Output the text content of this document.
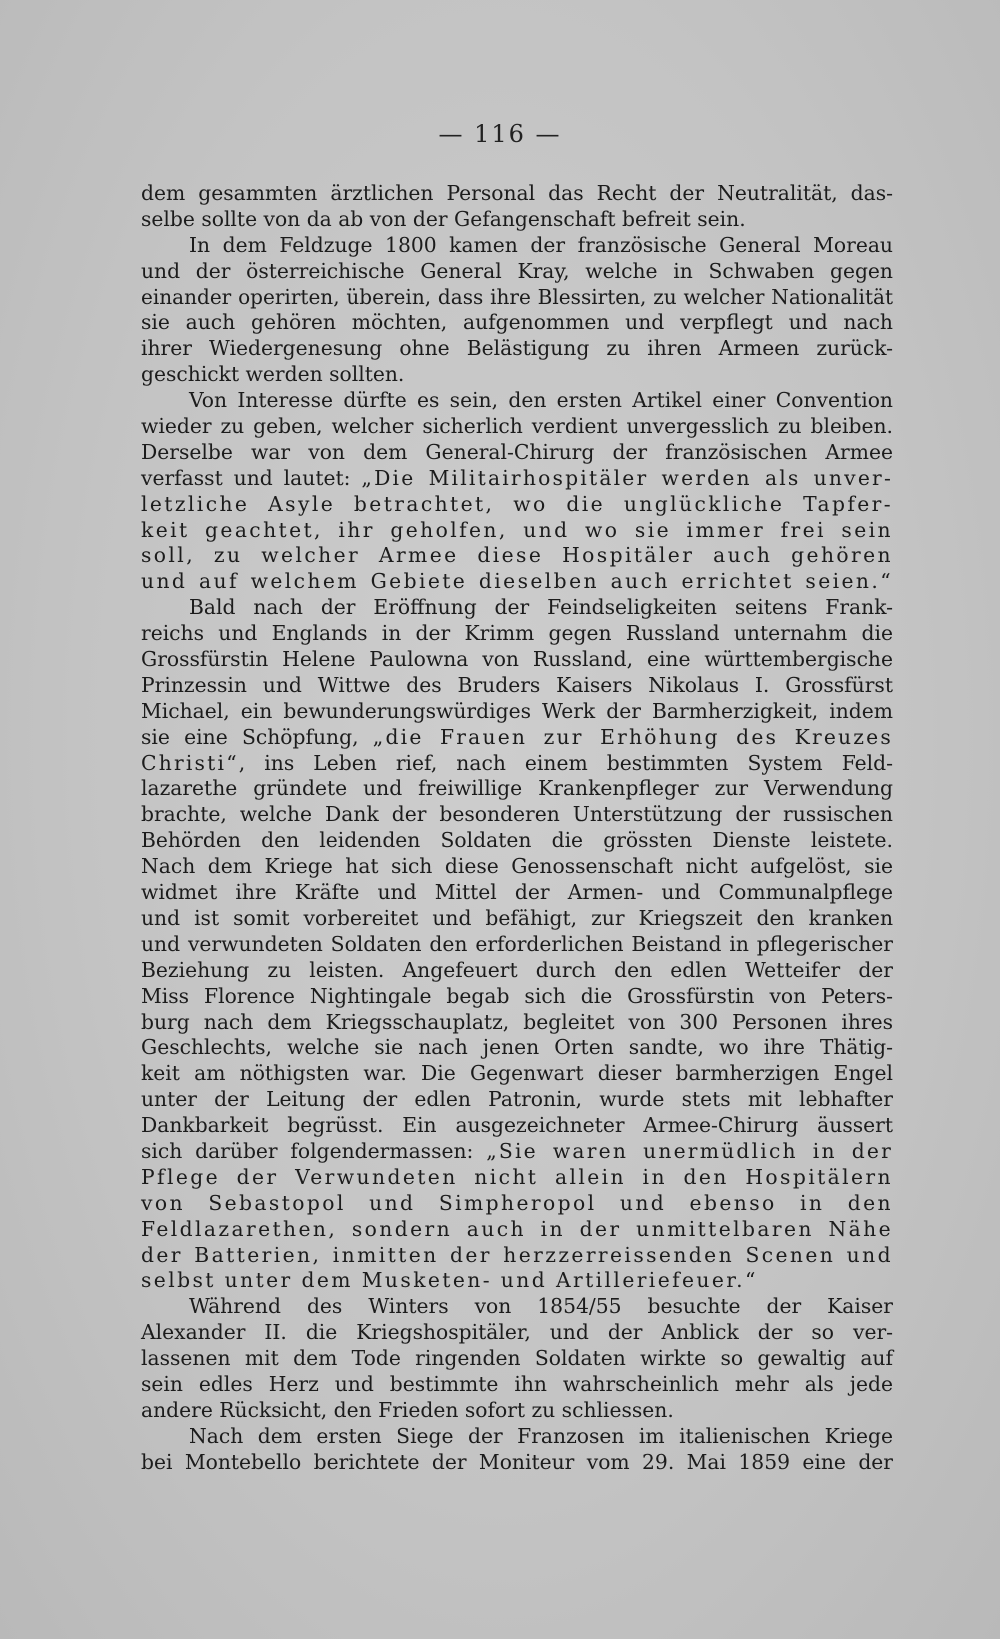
— 116 —
dem gesammten ärztlichen Personal das Recht der Neutralität, das-
selbe sollte von da ab von der Gefangenschaft befreit sein.
In dem Feldzuge 1800 kamen der französische General Moreau
und der österreichische General Kray, welche in Schwaben gegen
einander operirten, überein, dass ihre Blessirten, zu welcher Nationalität
sie auch gehören möchten, aufgenommen und verpflegt und nach
ihrer Wiedergenesung ohne Belästigung zu ihren Armeen zurück-
geschickt werden sollten.
Von Interesse dürfte es sein, den ersten Artikel einer Convention
wieder zu geben, welcher sicherlich verdient unvergesslich zu bleiben.
Derselbe war von dem General-Chirurg der französischen Armee
verfasst und lautet: „Die Militairhospitäler werden als unver-
letzliche Asyle betrachtet, wo die unglückliche Tapfer-
keit geachtet, ihr geholfen, und wo sie immer frei sein
soll, zu welcher Armee diese Hospitäler auch gehören
und auf welchem Gebiete dieselben auch errichtet seien.“
Bald nach der Eröffnung der Feindseligkeiten seitens Frank-
reichs und Englands in der Krimm gegen Russland unternahm die
Grossfürstin Helene Paulowna von Russland, eine württembergische
Prinzessin und Wittwe des Bruders Kaisers Nikolaus I. Grossfürst
Michael, ein bewunderungswürdiges Werk der Barmherzigkeit, indem
sie eine Schöpfung, „die Frauen zur Erhöhung des Kreuzes
Christi“, ins Leben rief, nach einem bestimmten System Feld-
lazarethe gründete und freiwillige Krankenpfleger zur Verwendung
brachte, welche Dank der besonderen Unterstützung der russischen
Behörden den leidenden Soldaten die grössten Dienste leistete.
Nach dem Kriege hat sich diese Genossenschaft nicht aufgelöst, sie
widmet ihre Kräfte und Mittel der Armen- und Communalpflege
und ist somit vorbereitet und befähigt, zur Kriegszeit den kranken
und verwundeten Soldaten den erforderlichen Beistand in pflegerischer
Beziehung zu leisten. Angefeuert durch den edlen Wetteifer der
Miss Florence Nightingale begab sich die Grossfürstin von Peters-
burg nach dem Kriegsschauplatz, begleitet von 300 Personen ihres
Geschlechts, welche sie nach jenen Orten sandte, wo ihre Thätig-
keit am nöthigsten war. Die Gegenwart dieser barmherzigen Engel
unter der Leitung der edlen Patronin, wurde stets mit lebhafter
Dankbarkeit begrüsst. Ein ausgezeichneter Armee-Chirurg äussert
sich darüber folgendermassen: „Sie waren unermüdlich in der
Pflege der Verwundeten nicht allein in den Hospitälern
von Sebastopol und Simpheropol und ebenso in den
Feldlazarethen, sondern auch in der unmittelbaren Nähe
der Batterien, inmitten der herzzerreissenden Scenen und
selbst unter dem Musketen- und Artilleriefeuer.“
Während des Winters von 1854/55 besuchte der Kaiser
Alexander II. die Kriegshospitäler, und der Anblick der so ver-
lassenen mit dem Tode ringenden Soldaten wirkte so gewaltig auf
sein edles Herz und bestimmte ihn wahrscheinlich mehr als jede
andere Rücksicht, den Frieden sofort zu schliessen.
Nach dem ersten Siege der Franzosen im italienischen Kriege
bei Montebello berichtete der Moniteur vom 29. Mai 1859 eine der
